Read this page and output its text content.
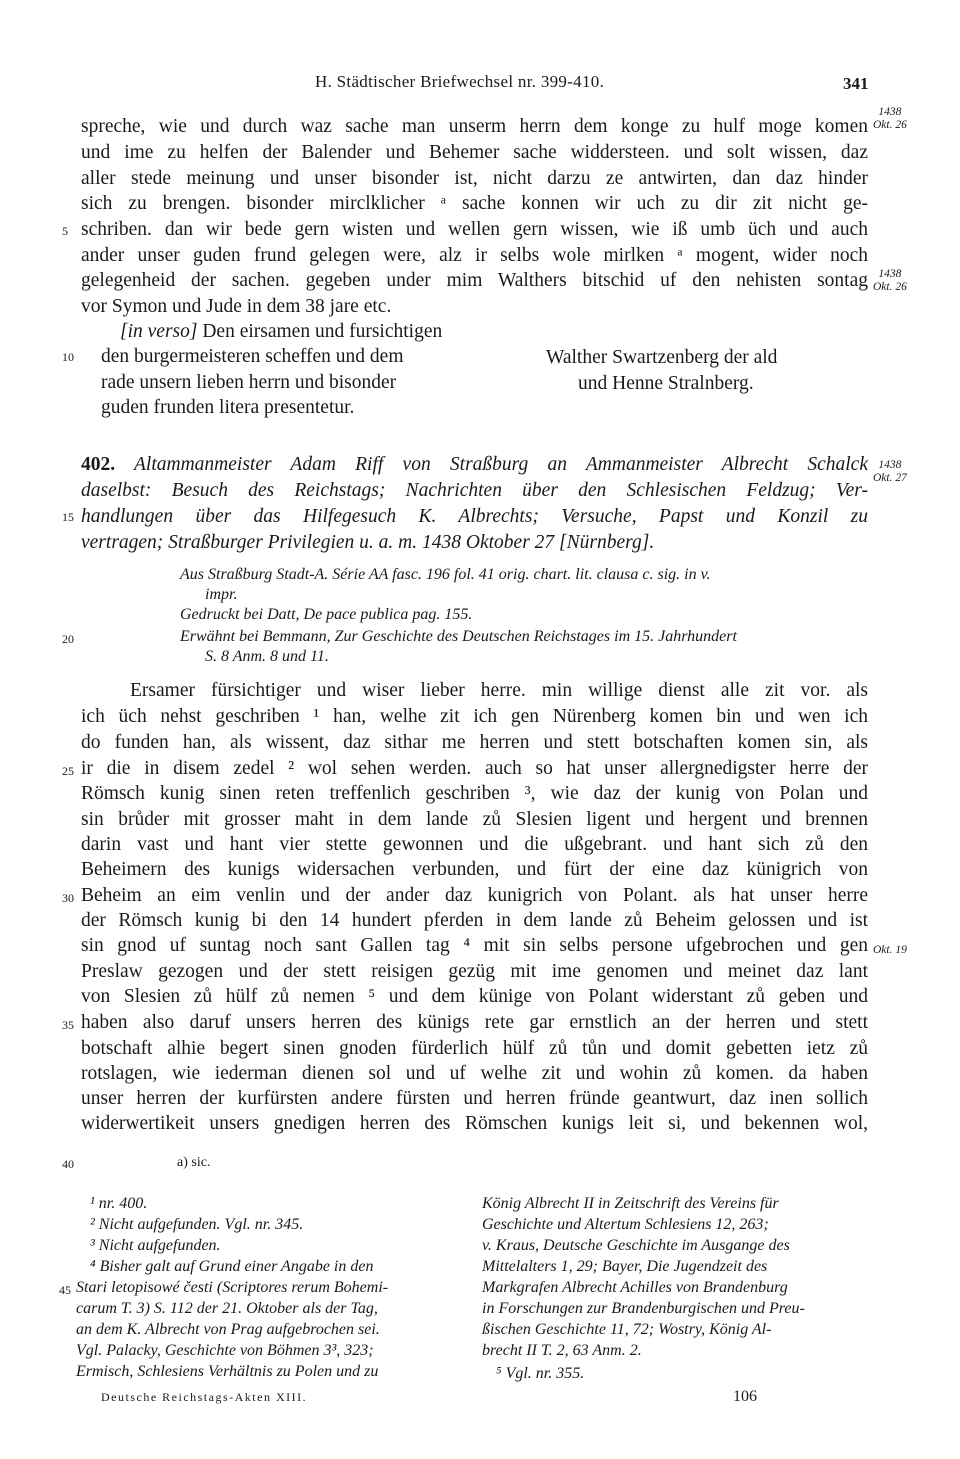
H. Städtischer Briefwechsel nr. 399-410.	341
spreche, wie und durch waz sache man unserm herrn dem konge zu hulf moge komen
und ime zu helfen der Balender und Behemer sache widdersteen. und solt wissen, daz
aller stede meinung und unser bisonder ist, nicht darzu ze antwirten, dan daz hinder
sich zu brengen. bisonder mirclklicher ᵃ sache konnen wir uch zu dir zit nicht ge-
schriben. dan wir bede gern wisten und wellen gern wissen, wie iß umb üch und auch
ander unser guden frund gelegen were, alz ir selbs wole mirlken ᵃ mogent, wider noch
gelegenheid der sachen. gegeben under mim Walthers bitschid uf den nehisten sontag
vor Symon und Jude in dem 38 jare etc.
5
1438
Okt. 26
1438
Okt. 26
[in verso] Den eirsamen und fursichtigen
den burgermeisteren scheffen und dem
rade unsern lieben herrn und bisonder
guden frunden litera presentetur.
10	Walther Swartzenberg der ald
und Henne Stralnberg.
402. Altammanmeister Adam Riff von Straßburg an Ammanmeister Albrecht Schalck
daselbst: Besuch des Reichstags; Nachrichten über den Schlesischen Feldzug; Ver-
handlungen über das Hilfegesuch K. Albrechts; Versuche, Papst und Konzil zu
vertragen; Straßburger Privilegien u. a. m. 1438 Oktober 27 [Nürnberg].
15
1438
Okt. 27
Aus Straßburg Stadt-A. Série AA fasc. 196 fol. 41 orig. chart. lit. clausa c. sig. in v.
impr.
Gedruckt bei Datt, De pace publica pag. 155.
Erwähnt bei Bemmann, Zur Geschichte des Deutschen Reichstages im 15. Jahrhundert
S. 8 Anm. 8 und 11.
20
Ersamer fürsichtiger und wiser lieber herre. min willige dienst alle zit vor. als
ich üch nehst geschriben ¹ han, welhe zit ich gen Nürenberg komen bin und wen ich
do funden han, als wissent, daz sithar me herren und stett botschaften komen sin, als
ir die in disem zedel ² wol sehen werden. auch so hat unser allergnedigster herre der
Römsch kunig sinen reten treffenlich geschriben ³, wie daz der kunig von Polan und
sin brůder mit grosser maht in dem lande zů Slesien ligent und hergent und brennen
darin vast und hant vier stette gewonnen und die ußgebrant. und hant sich zů den
Beheimern des kunigs widersachen verbunden, und fürt der eine daz künigrich von
Beheim an eim venlin und der ander daz kunigrich von Polant. als hat unser herre
der Römsch kunig bi den 14 hundert pferden in dem lande zů Beheim gelossen und ist
sin gnod uf suntag noch sant Gallen tag ⁴ mit sin selbs persone ufgebrochen und gen
Preslaw gezogen und der stett reisigen gezüg mit ime genomen und meinet daz lant
von Slesien zů hülf zů nemen ⁵ und dem künige von Polant widerstant zů geben und
haben also daruf unsers herren des künigs rete gar ernstlich an der herren und stett
botschaft alhie begert sinen gnoden fürderlich hülf zů tůn und domit gebetten ietz zů
rotslagen, wie iederman dienen sol und uf welhe zit und wohin zů komen. da haben
unser herren der kurfürsten andere fürsten und herren fründe geantwurt, daz inen sollich
widerwertikeit unsers gnedigen herren des Römschen kunigs leit si, und bekennen wol,
25
30
35
Okt. 19
40	a) sic.
¹ nr. 400.
² Nicht aufgefunden. Vgl. nr. 345.
³ Nicht aufgefunden.
⁴ Bisher galt auf Grund einer Angabe in den
Stari letopisowé česti (Scriptores rerum Bohemi-
carum T. 3) S. 112 der 21. Oktober als der Tag,
an dem K. Albrecht von Prag aufgebrochen sei.
Vgl. Palacky, Geschichte von Böhmen 3³, 323;
Ermisch, Schlesiens Verhältnis zu Polen und zu
45
König Albrecht II in Zeitschrift des Vereins für
Geschichte und Altertum Schlesiens 12, 263;
v. Kraus, Deutsche Geschichte im Ausgange des
Mittelalters 1, 29; Bayer, Die Jugendzeit des
Markgrafen Albrecht Achilles von Brandenburg
in Forschungen zur Brandenburgischen und Preu-
ßischen Geschichte 11, 72; Wostry, König Al-
brecht II T. 2, 63 Anm. 2.
⁵ Vgl. nr. 355.
Deutsche Reichstags-Akten XIII.	106
